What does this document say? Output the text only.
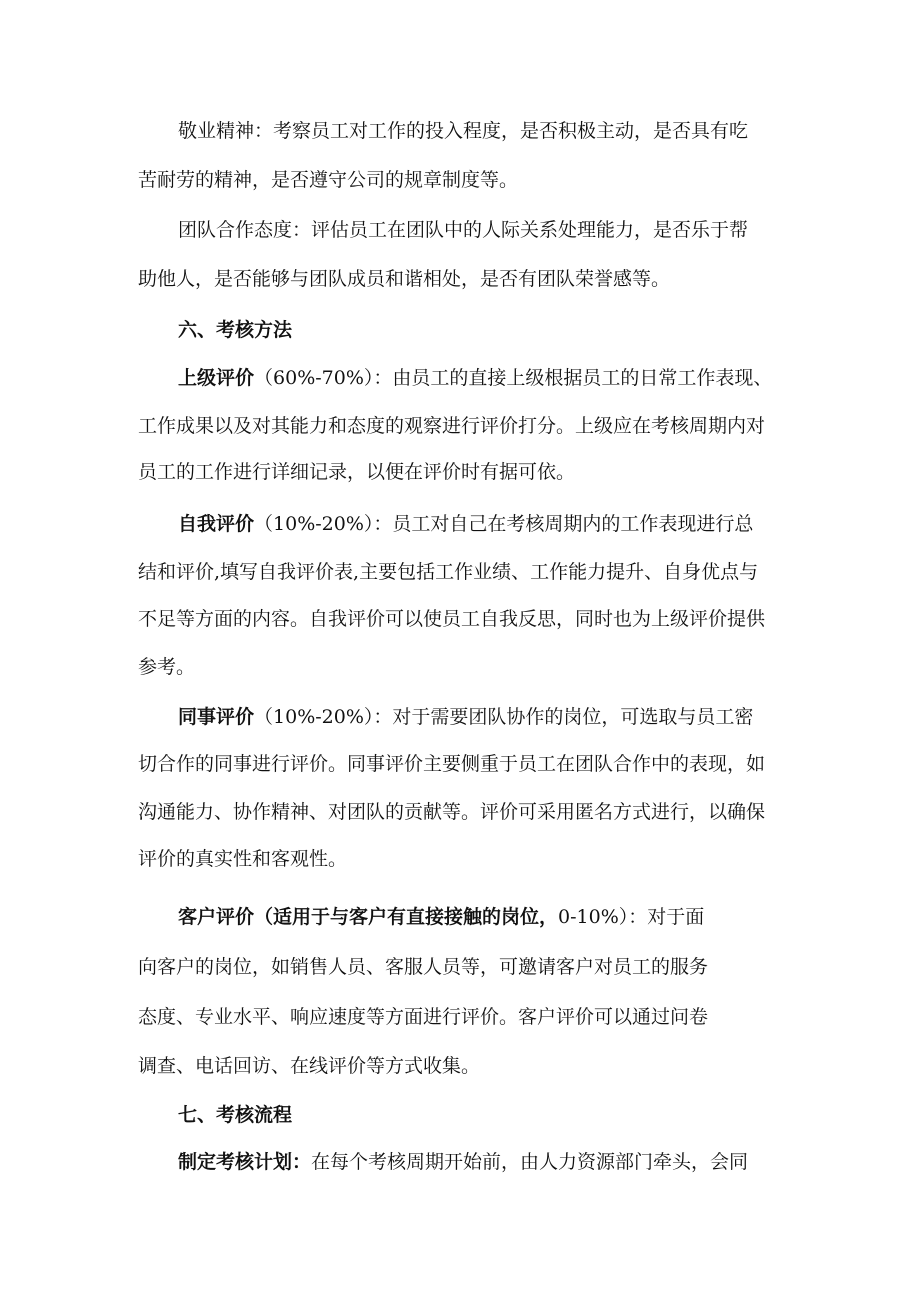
敬业精神：考察员工对工作的投入程度，是否积极主动，是否具有吃
苦耐劳的精神，是否遵守公司的规章制度等。
团队合作态度：评估员工在团队中的人际关系处理能力，是否乐于帮
助他人，是否能够与团队成员和谐相处，是否有团队荣誉感等。
六、考核方法
上级评价（60%-70%）：由员工的直接上级根据员工的日常工作表现、
工作成果以及对其能力和态度的观察进行评价打分。上级应在考核周期内对
员工的工作进行详细记录，以便在评价时有据可依。
自我评价（10%-20%）：员工对自己在考核周期内的工作表现进行总
结和评价,填写自我评价表,主要包括工作业绩、工作能力提升、自身优点与
不足等方面的内容。自我评价可以使员工自我反思，同时也为上级评价提供
参考。
同事评价（10%-20%）：对于需要团队协作的岗位，可选取与员工密
切合作的同事进行评价。同事评价主要侧重于员工在团队合作中的表现，如
沟通能力、协作精神、对团队的贡献等。评价可采用匿名方式进行，以确保
评价的真实性和客观性。
客户评价（适用于与客户有直接接触的岗位，0-10%）：对于面
向客户的岗位，如销售人员、客服人员等，可邀请客户对员工的服务
态度、专业水平、响应速度等方面进行评价。客户评价可以通过问卷
调查、电话回访、在线评价等方式收集。
七、考核流程
制定考核计划：在每个考核周期开始前，由人力资源部门牵头，会同
